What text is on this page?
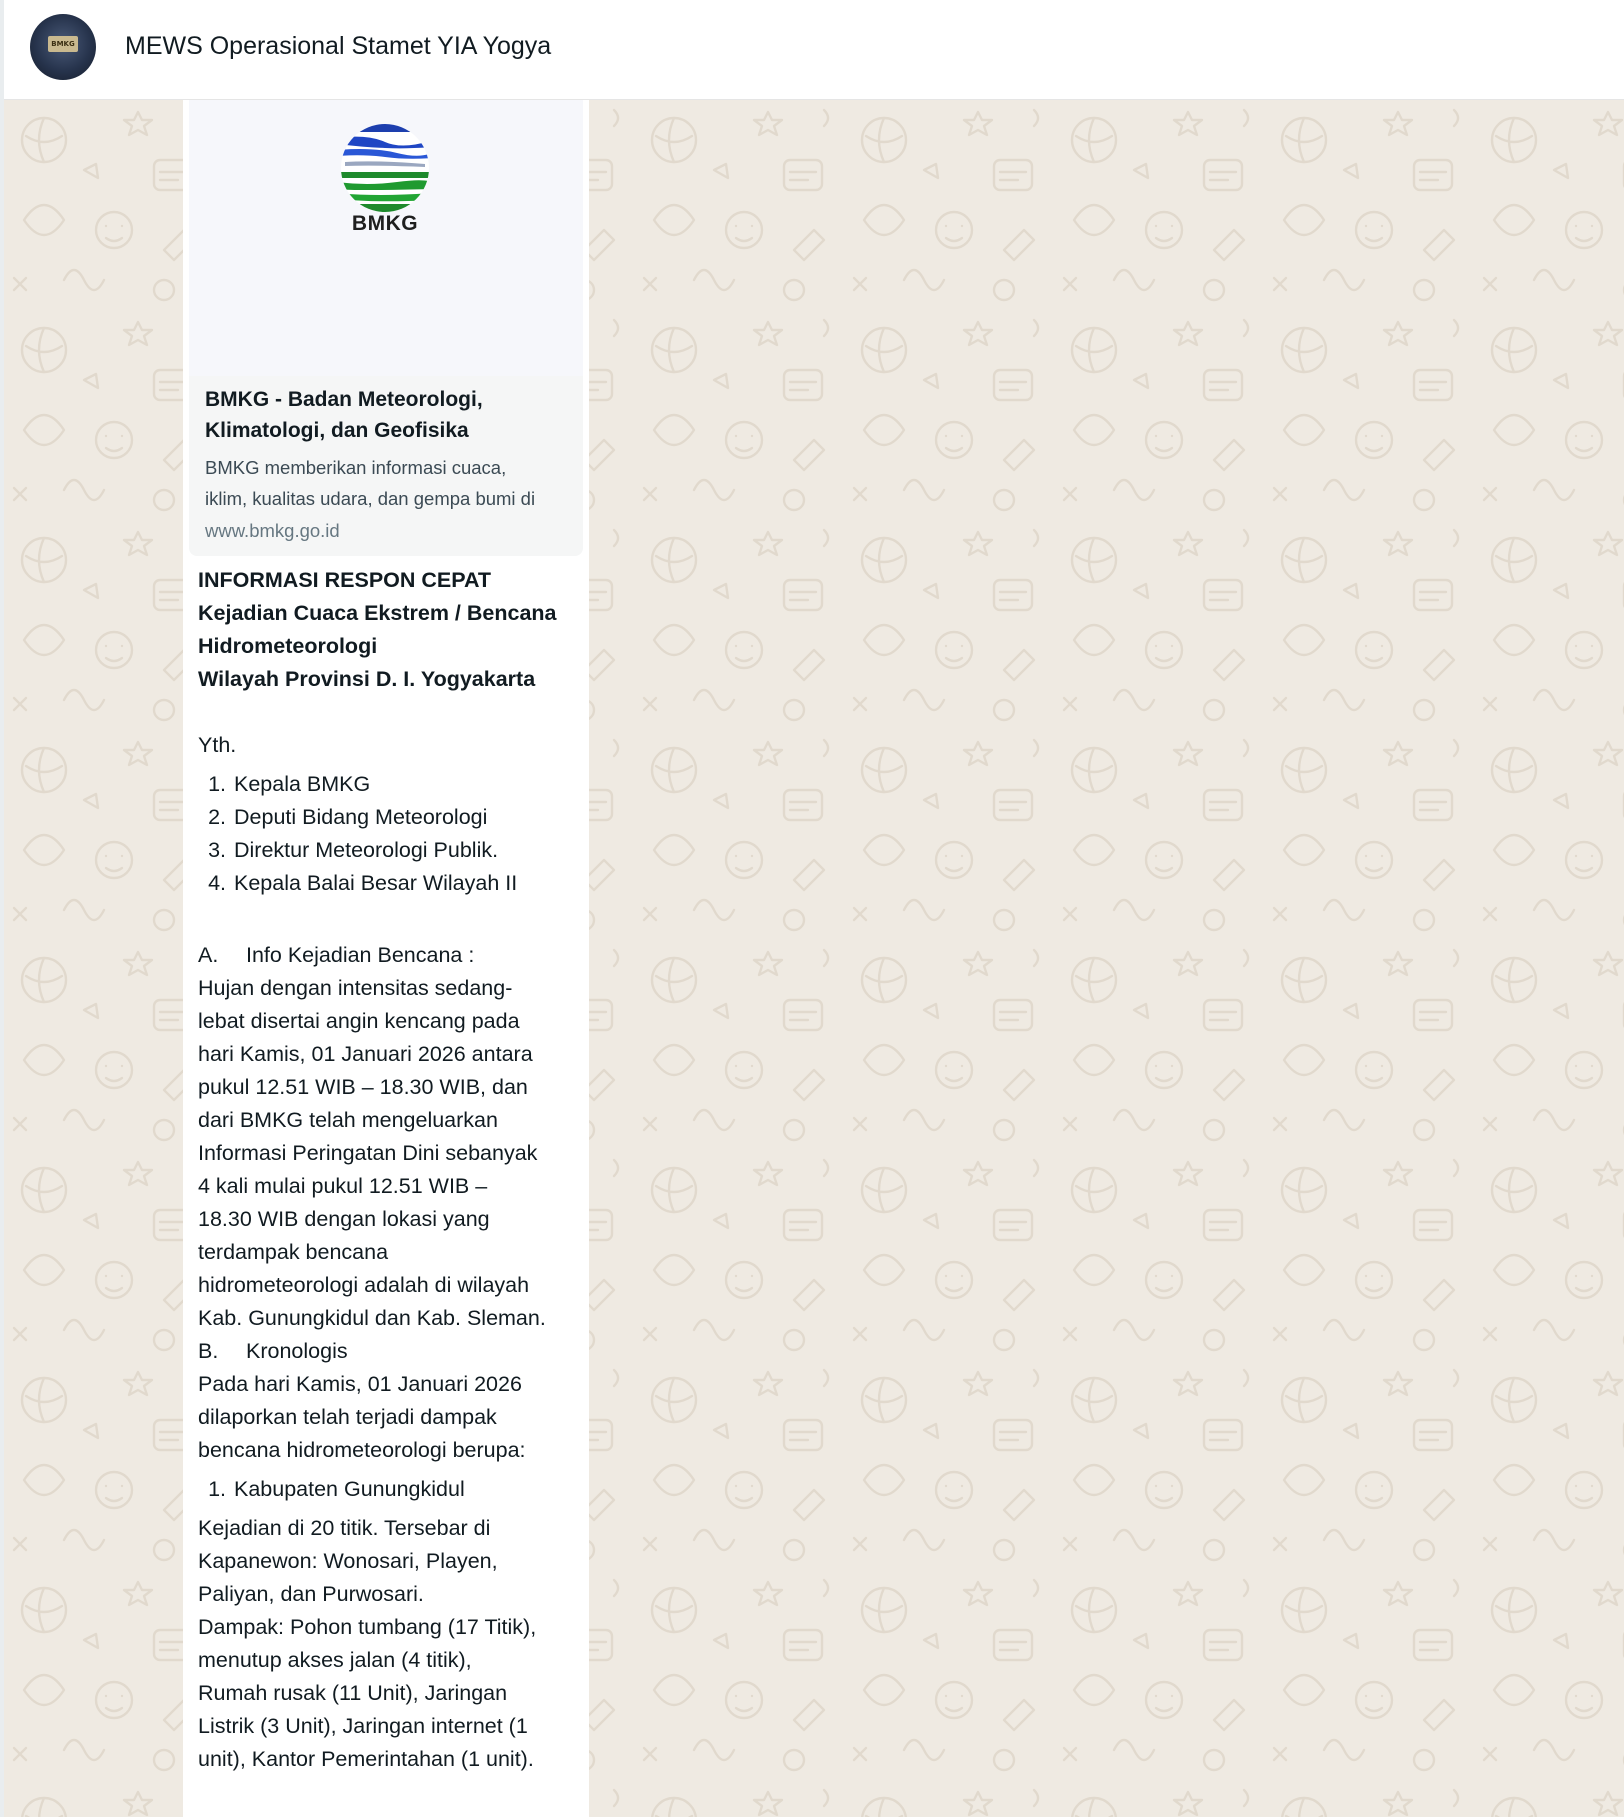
BMKG MEWS Operasional Stamet YIA Yogya
BMKG
BMKG - Badan Meteorologi,
Klimatologi, dan Geofisika
BMKG memberikan informasi cuaca,
iklim, kualitas udara, dan gempa bumi di
www.bmkg.go.id
INFORMASI RESPON CEPAT
Kejadian Cuaca Ekstrem / Bencana
Hidrometeorologi
Wilayah Provinsi D. I. Yogyakarta
Yth.
1. Kepala BMKG
2. Deputi Bidang Meteorologi
3. Direktur Meteorologi Publik.
4. Kepala Balai Besar Wilayah II
A. Info Kejadian Bencana :
Hujan dengan intensitas sedang-
lebat disertai angin kencang pada
hari Kamis, 01 Januari 2026 antara
pukul 12.51 WIB – 18.30 WIB, dan
dari BMKG telah mengeluarkan
Informasi Peringatan Dini sebanyak
4 kali mulai pukul 12.51 WIB –
18.30 WIB dengan lokasi yang
terdampak bencana
hidrometeorologi adalah di wilayah
Kab. Gunungkidul dan Kab. Sleman.
B. Kronologis
Pada hari Kamis, 01 Januari 2026
dilaporkan telah terjadi dampak
bencana hidrometeorologi berupa:
1. Kabupaten Gunungkidul
Kejadian di 20 titik. Tersebar di
Kapanewon: Wonosari, Playen,
Paliyan, dan Purwosari.
Dampak: Pohon tumbang (17 Titik),
menutup akses jalan (4 titik),
Rumah rusak (11 Unit), Jaringan
Listrik (3 Unit), Jaringan internet (1
unit), Kantor Pemerintahan (1 unit).
